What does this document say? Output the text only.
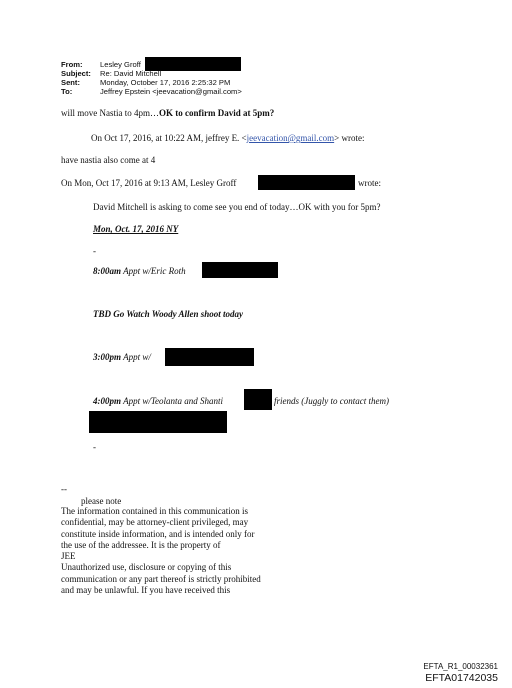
From: Lesley Groff
Subject: Re: David Mitchell
Sent:	Monday, October 17, 2016 2:25:32 PM
To:	Jeffrey Epstein <jeevacation@gmail.com>
will move Nastia to 4pm…OK to confirm David at 5pm?
On Oct 17, 2016, at 10:22 AM, jeffrey E. <jeevacation@gmail.com> wrote:
have nastia also come at 4
On Mon, Oct 17, 2016 at 9:13 AM, Lesley Groff	wrote:
David Mitchell is asking to come see you end of today…OK with you for 5pm?
Mon, Oct. 17, 2016 NY
-
8:00am Appt w/Eric Roth
TBD Go Watch Woody Allen shoot today
3:00pm Appt w/
4:00pm Appt w/Teolanta and Shanti	friends (Juggly to contact them)
-
--
please note
The information contained in this communication is
confidential, may be attorney-client privileged, may
constitute inside information, and is intended only for
the use of the addressee. It is the property of
JEE
Unauthorized use, disclosure or copying of this
communication or any part thereof is strictly prohibited
and may be unlawful. If you have received this
EFTA_R1_00032361
EFTA01742035
